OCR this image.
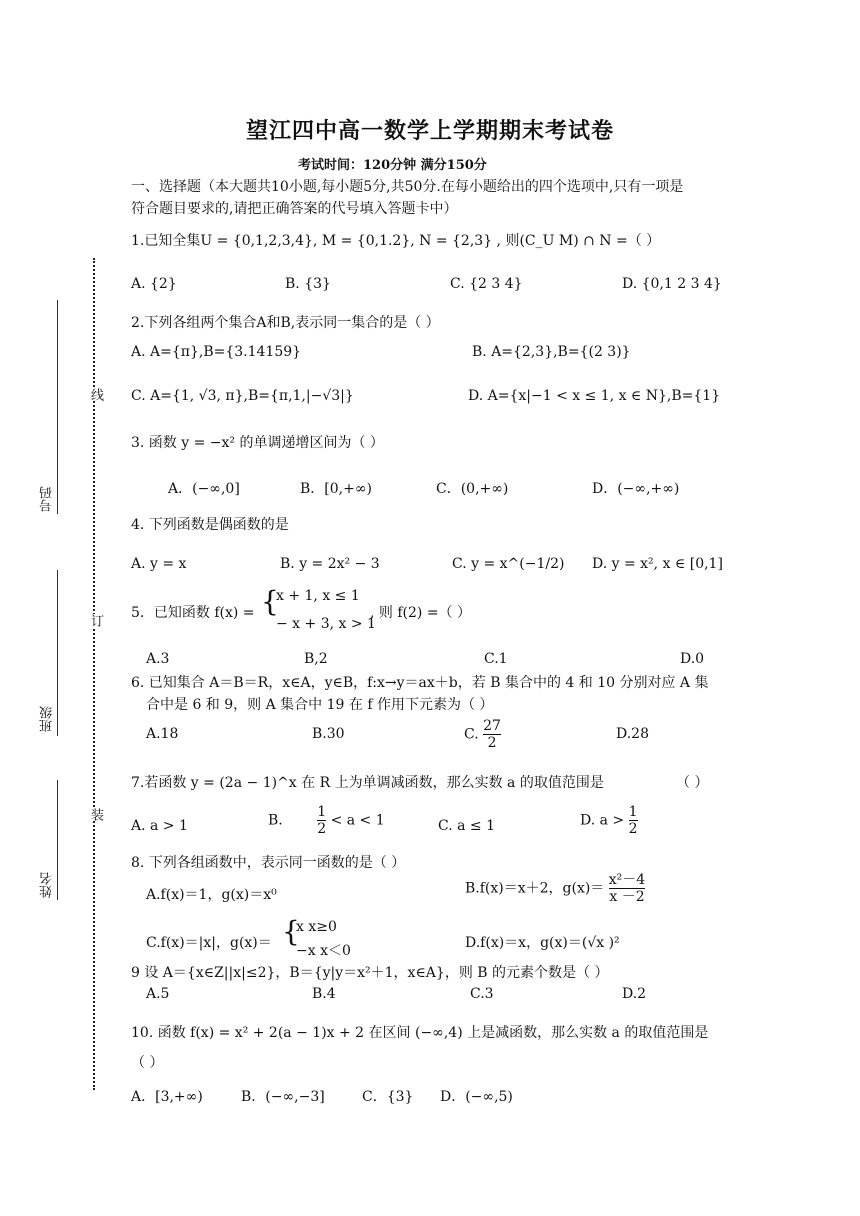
线
订
装
号码
班级
姓名
望江四中高一数学上学期期末考试卷
考试时间：120分钟 满分150分
一、选择题（本大题共10小题,每小题5分,共50分.在每小题给出的四个选项中,只有一项是
符合题目要求的,请把正确答案的代号填入答题卡中）
1.已知全集U = {0,1,2,3,4}, M = {0,1.2}, N = {2,3} , 则(C_U M) ∩ N =（ ）
A. {2}	B. {3}	C. {2 3 4}	D. {0,1 2 3 4}
2.下列各组两个集合A和B,表示同一集合的是（ ）
A. A={π},B={3.14159}	B. A={2,3},B={(2 3)}
C. A={1, √3, π},B={π,1,|−√3|}	D. A={x|−1 < x ≤ 1, x ∈ N},B={1}
3. 函数 y = −x² 的单调递增区间为（ ）
A．(−∞,0]	B．[0,+∞)	C．(0,+∞)	D．(−∞,+∞)
4. 下列函数是偶函数的是
A. y = x	B. y = 2x² − 3	C. y = x^(−1/2) D. y = x², x ∈ [0,1]
5．已知函数 f(x) = {
x + 1, x ≤ 1
− x + 3, x > 1
, 则 f(2) =（ ）
A.3	B,2	C.1	D.0
6. 已知集合 A＝B＝R，x∈A，y∈B，f:x→y＝ax＋b，若 B 集合中的 4 和 10 分别对应 A 集
合中是 6 和 9，则 A 集合中 19 在 f 作用下元素为（ ）
A.18	B.30	C. $\frac{27}{2}$	D.28
7.若函数 y = (2a − 1)^x 在 R 上为单调减函数，那么实数 a 的取值范围是	（ ）
A. a > 1	B. $\frac{1}{2} < a < 1$	C. a ≤ 1	D. $a > \frac{1}{2}$
8. 下列各组函数中，表示同一函数的是（ ）
A.f(x)＝1，g(x)＝x⁰	B.f(x)＝x＋2，$g(x)= \frac{\text{x²－4}}{x -2}$
C.f(x)＝|x|，g(x)＝ {
x x≥0
−x x＜0	D.f(x)＝x，g(x)＝(√x )²
9 设 A＝{x∈Z||x|≤2}，B＝{y|y＝x²＋1，x∈A}，则 B 的元素个数是（ ）
A.5	B.4	C.3	D.2
10. 函数 f(x) = x² + 2(a − 1)x + 2 在区间 (−∞,4) 上是减函数，那么实数 a 的取值范围是
（ ）
A．[3,+∞)	B．(−∞,−3]	C．{3} D．(−∞,5)
